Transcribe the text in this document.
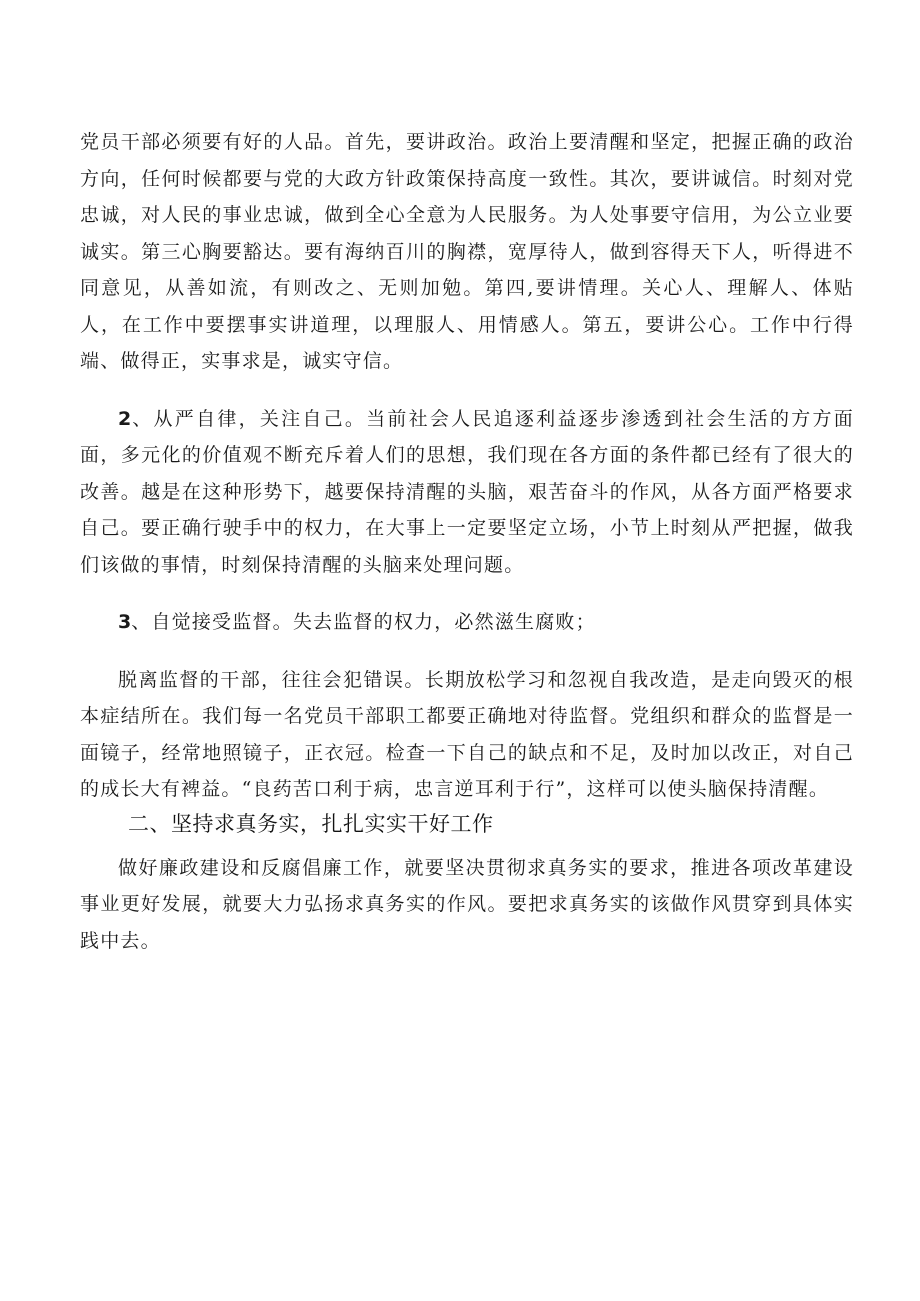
党员干部必须要有好的人品。首先，要讲政治。政治上要清醒和坚定，把握正确的政治方向，任何时候都要与党的大政方针政策保持高度一致性。其次，要讲诚信。时刻对党忠诚，对人民的事业忠诚，做到全心全意为人民服务。为人处事要守信用，为公立业要诚实。第三心胸要豁达。要有海纳百川的胸襟，宽厚待人，做到容得天下人，听得进不同意见，从善如流，有则改之、无则加勉。第四,要讲情理。关心人、理解人、体贴人，在工作中要摆事实讲道理，以理服人、用情感人。第五，要讲公心。工作中行得端、做得正，实事求是，诚实守信。

2、从严自律，关注自己。当前社会人民追逐利益逐步渗透到社会生活的方方面面，多元化的价值观不断充斥着人们的思想，我们现在各方面的条件都已经有了很大的改善。越是在这种形势下，越要保持清醒的头脑，艰苦奋斗的作风，从各方面严格要求自己。要正确行驶手中的权力，在大事上一定要坚定立场，小节上时刻从严把握，做我们该做的事情，时刻保持清醒的头脑来处理问题。

3、自觉接受监督。失去监督的权力，必然滋生腐败；

脱离监督的干部，往往会犯错误。长期放松学习和忽视自我改造，是走向毁灭的根本症结所在。我们每一名党员干部职工都要正确地对待监督。党组织和群众的监督是一面镜子，经常地照镜子，正衣冠。检查一下自己的缺点和不足，及时加以改正，对自己的成长大有裨益。“良药苦口利于病，忠言逆耳利于行”，这样可以使头脑保持清醒。

二、坚持求真务实，扎扎实实干好工作

做好廉政建设和反腐倡廉工作，就要坚决贯彻求真务实的要求，推进各项改革建设事业更好发展，就要大力弘扬求真务实的作风。要把求真务实的该做作风贯穿到具体实践中去。
